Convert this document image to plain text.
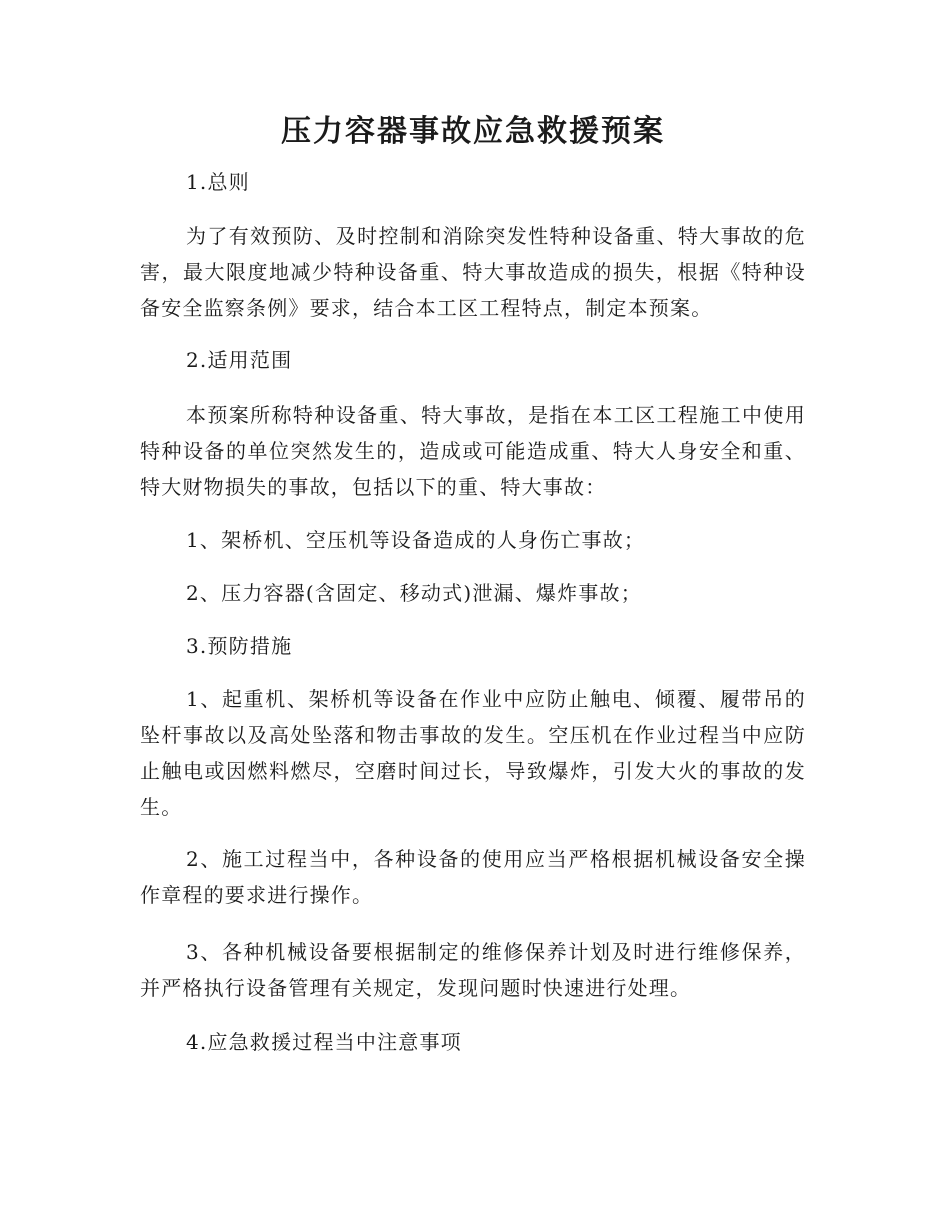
压力容器事故应急救援预案

1.总则

为了有效预防、及时控制和消除突发性特种设备重、特大事故的危害，最大限度地减少特种设备重、特大事故造成的损失，根据《特种设备安全监察条例》要求，结合本工区工程特点，制定本预案。

2.适用范围

本预案所称特种设备重、特大事故，是指在本工区工程施工中使用特种设备的单位突然发生的，造成或可能造成重、特大人身安全和重、特大财物损失的事故，包括以下的重、特大事故：

1、架桥机、空压机等设备造成的人身伤亡事故；

2、压力容器(含固定、移动式)泄漏、爆炸事故；

3.预防措施

1、起重机、架桥机等设备在作业中应防止触电、倾覆、履带吊的坠杆事故以及高处坠落和物击事故的发生。空压机在作业过程当中应防止触电或因燃料燃尽，空磨时间过长，导致爆炸，引发大火的事故的发生。

2、施工过程当中，各种设备的使用应当严格根据机械设备安全操作章程的要求进行操作。

3、各种机械设备要根据制定的维修保养计划及时进行维修保养，并严格执行设备管理有关规定，发现问题时快速进行处理。

4.应急救援过程当中注意事项
